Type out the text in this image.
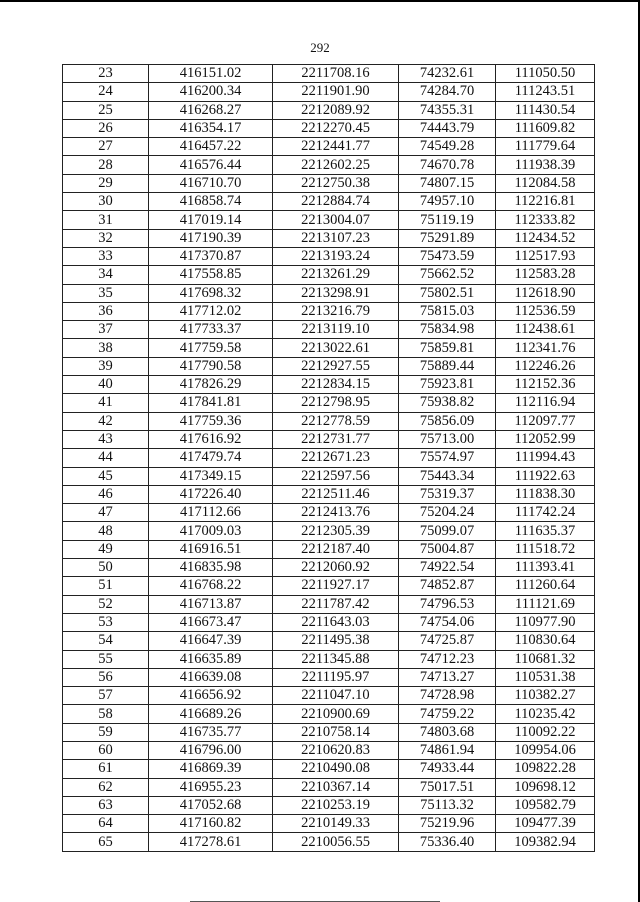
292
23	416151.02	2211708.16	74232.61	111050.50
24	416200.34	2211901.90	74284.70	111243.51
25	416268.27	2212089.92	74355.31	111430.54
26	416354.17	2212270.45	74443.79	111609.82
27	416457.22	2212441.77	74549.28	111779.64
28	416576.44	2212602.25	74670.78	111938.39
29	416710.70	2212750.38	74807.15	112084.58
30	416858.74	2212884.74	74957.10	112216.81
31	417019.14	2213004.07	75119.19	112333.82
32	417190.39	2213107.23	75291.89	112434.52
33	417370.87	2213193.24	75473.59	112517.93
34	417558.85	2213261.29	75662.52	112583.28
35	417698.32	2213298.91	75802.51	112618.90
36	417712.02	2213216.79	75815.03	112536.59
37	417733.37	2213119.10	75834.98	112438.61
38	417759.58	2213022.61	75859.81	112341.76
39	417790.58	2212927.55	75889.44	112246.26
40	417826.29	2212834.15	75923.81	112152.36
41	417841.81	2212798.95	75938.82	112116.94
42	417759.36	2212778.59	75856.09	112097.77
43	417616.92	2212731.77	75713.00	112052.99
44	417479.74	2212671.23	75574.97	111994.43
45	417349.15	2212597.56	75443.34	111922.63
46	417226.40	2212511.46	75319.37	111838.30
47	417112.66	2212413.76	75204.24	111742.24
48	417009.03	2212305.39	75099.07	111635.37
49	416916.51	2212187.40	75004.87	111518.72
50	416835.98	2212060.92	74922.54	111393.41
51	416768.22	2211927.17	74852.87	111260.64
52	416713.87	2211787.42	74796.53	111121.69
53	416673.47	2211643.03	74754.06	110977.90
54	416647.39	2211495.38	74725.87	110830.64
55	416635.89	2211345.88	74712.23	110681.32
56	416639.08	2211195.97	74713.27	110531.38
57	416656.92	2211047.10	74728.98	110382.27
58	416689.26	2210900.69	74759.22	110235.42
59	416735.77	2210758.14	74803.68	110092.22
60	416796.00	2210620.83	74861.94	109954.06
61	416869.39	2210490.08	74933.44	109822.28
62	416955.23	2210367.14	75017.51	109698.12
63	417052.68	2210253.19	75113.32	109582.79
64	417160.82	2210149.33	75219.96	109477.39
65	417278.61	2210056.55	75336.40	109382.94
